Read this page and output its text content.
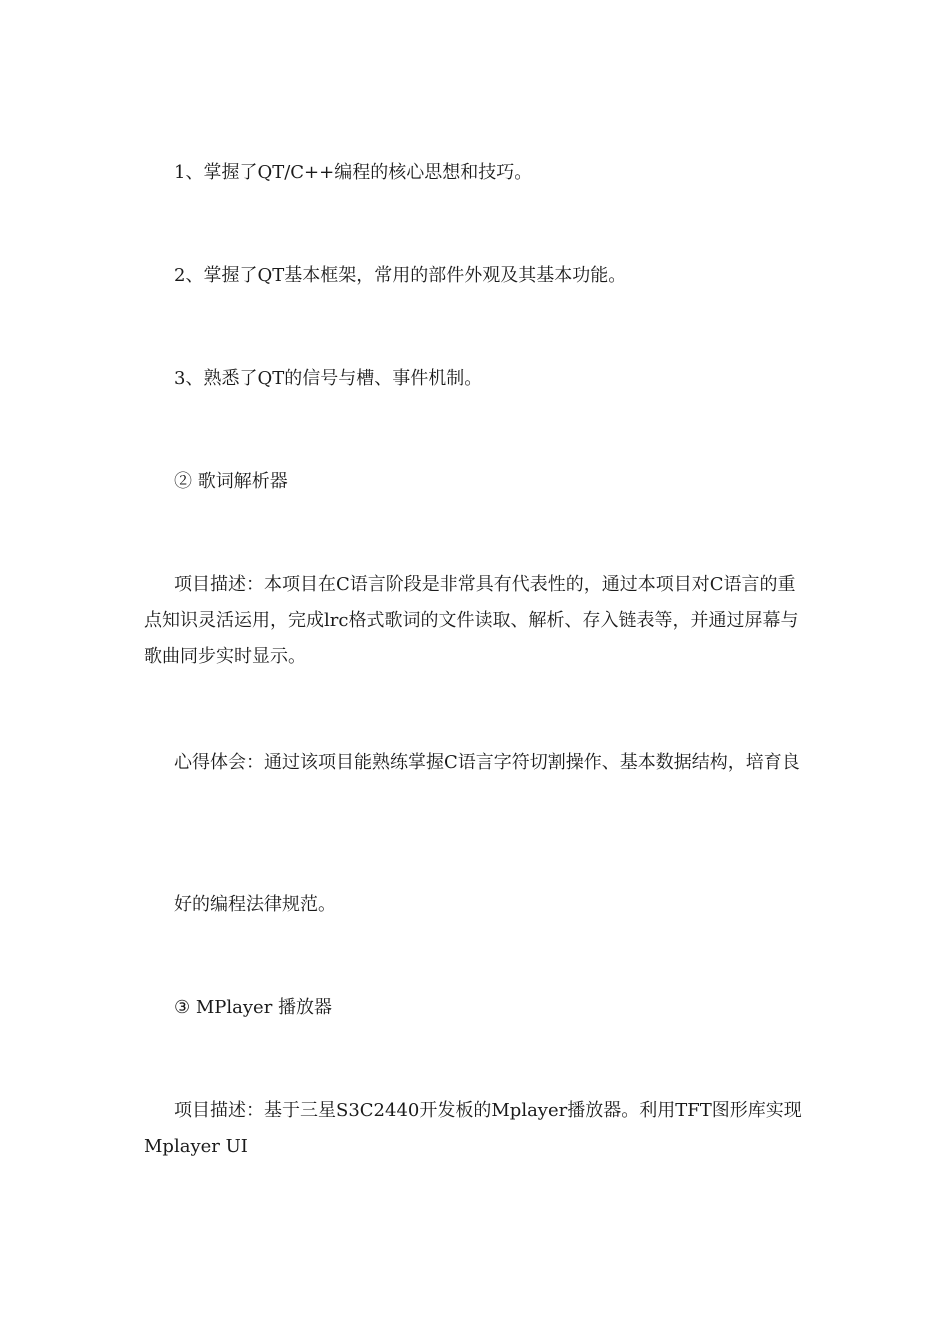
1、掌握了QT/C++编程的核心思想和技巧。

2、掌握了QT基本框架，常用的部件外观及其基本功能。

3、熟悉了QT的信号与槽、事件机制。

② 歌词解析器

项目描述：本项目在C语言阶段是非常具有代表性的，通过本项目对C语言的重点知识灵活运用，完成lrc格式歌词的文件读取、解析、存入链表等，并通过屏幕与歌曲同步实时显示。

心得体会：通过该项目能熟练掌握C语言字符切割操作、基本数据结构，培育良

好的编程法律规范。

③ MPlayer 播放器

项目描述：基于三星S3C2440开发板的Mplayer播放器。利用TFT图形库实现Mplayer UI
